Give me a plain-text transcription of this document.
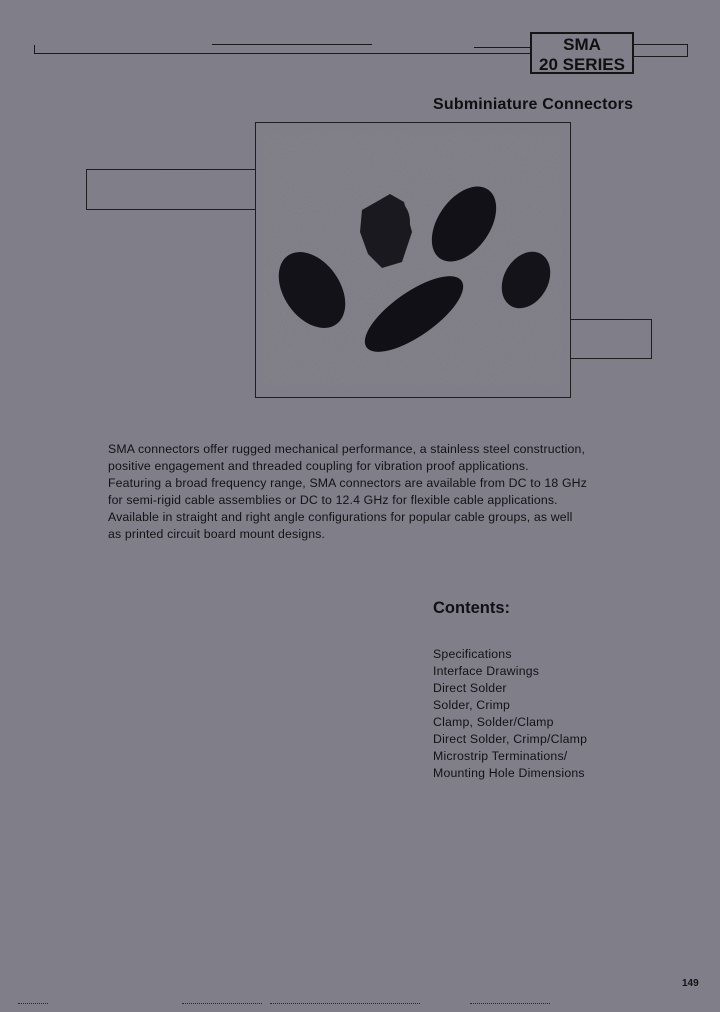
SMA
20 SERIES
Subminiature Connectors

SMA connectors offer rugged mechanical performance, a stainless steel construction,

positive engagement and threaded coupling for vibration proof applications.

Featuring a broad frequency range, SMA connectors are available from DC to 18 GHz

for semi-rigid cable assemblies or DC to 12.4 GHz for flexible cable applications.

Available in straight and right angle configurations for popular cable groups, as well

as printed circuit board mount designs.

Contents:
Specifications
Interface Drawings
Direct Solder
Solder, Crimp
Clamp, Solder/Clamp
Direct Solder, Crimp/Clamp
Microstrip Terminations/
Mounting Hole Dimensions
149
